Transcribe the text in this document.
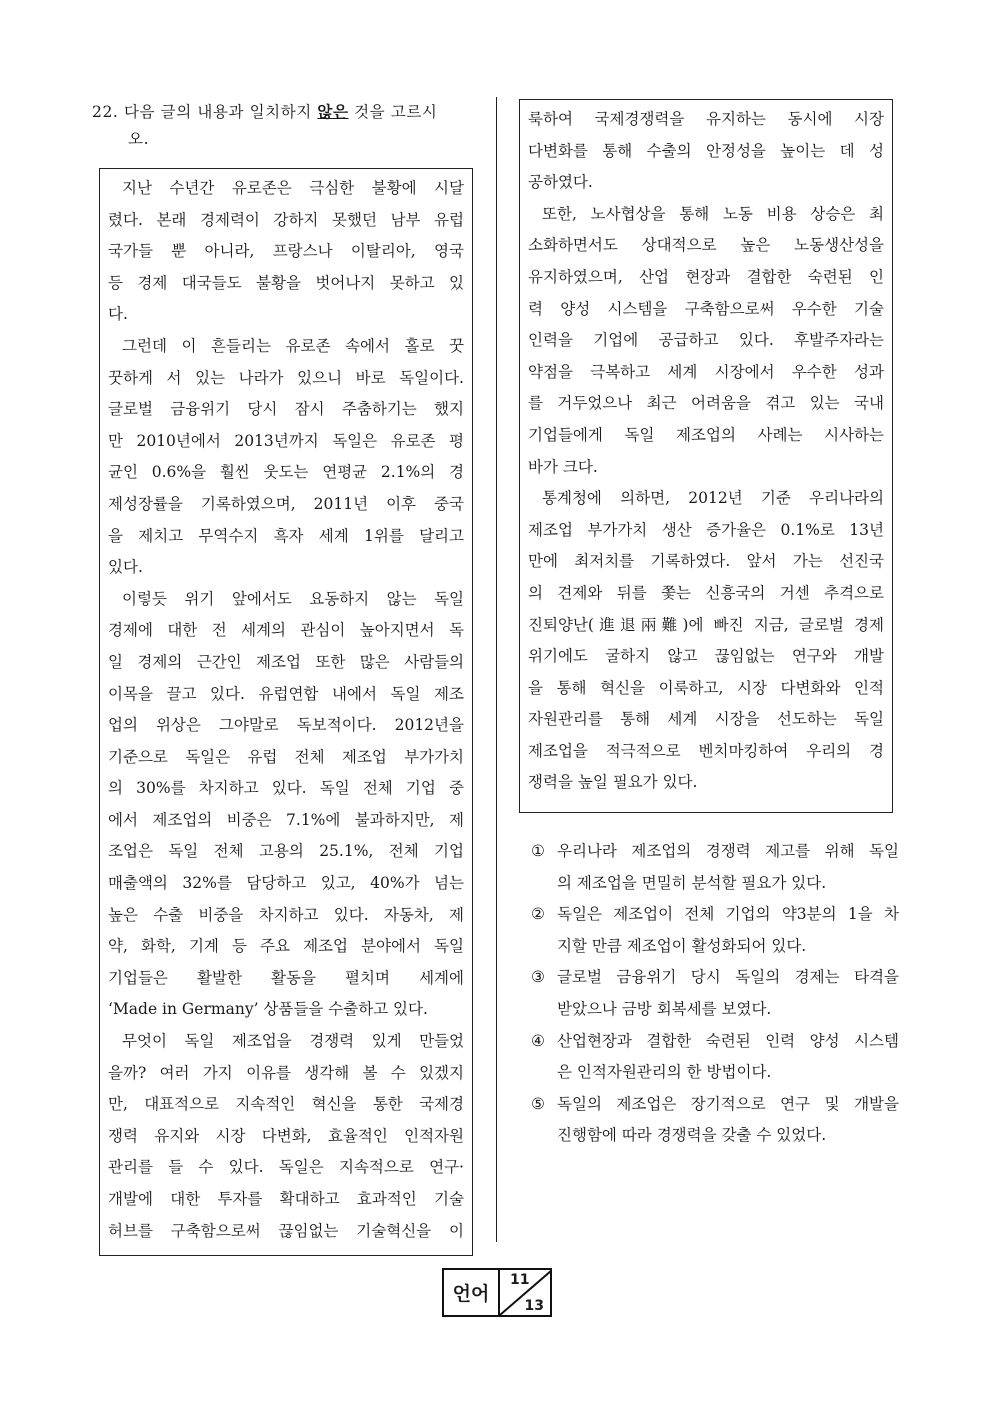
22. 다음 글의 내용과 일치하지 않은 것을 고르시
오.
지난 수년간 유로존은 극심한 불황에 시달
렸다. 본래 경제력이 강하지 못했던 남부 유럽
국가들 뿐 아니라, 프랑스나 이탈리아, 영국
등 경제 대국들도 불황을 벗어나지 못하고 있
다.
그런데 이 흔들리는 유로존 속에서 홀로 꿋
꿋하게 서 있는 나라가 있으니 바로 독일이다.
글로벌 금융위기 당시 잠시 주춤하기는 했지
만 2010년에서 2013년까지 독일은 유로존 평
균인 0.6%을 훨씬 웃도는 연평균 2.1%의 경
제성장률을 기록하였으며, 2011년 이후 중국
을 제치고 무역수지 흑자 세계 1위를 달리고
있다.
이렇듯 위기 앞에서도 요동하지 않는 독일
경제에 대한 전 세계의 관심이 높아지면서 독
일 경제의 근간인 제조업 또한 많은 사람들의
이목을 끌고 있다. 유럽연합 내에서 독일 제조
업의 위상은 그야말로 독보적이다. 2012년을
기준으로 독일은 유럽 전체 제조업 부가가치
의 30%를 차지하고 있다. 독일 전체 기업 중
에서 제조업의 비중은 7.1%에 불과하지만, 제
조업은 독일 전체 고용의 25.1%, 전체 기업
매출액의 32%를 담당하고 있고, 40%가 넘는
높은 수출 비중을 차지하고 있다. 자동차, 제
약, 화학, 기계 등 주요 제조업 분야에서 독일
기업들은 활발한 활동을 펼치며 세계에
‘Made in Germany’ 상품들을 수출하고 있다.
무엇이 독일 제조업을 경쟁력 있게 만들었
을까? 여러 가지 이유를 생각해 볼 수 있겠지
만, 대표적으로 지속적인 혁신을 통한 국제경
쟁력 유지와 시장 다변화, 효율적인 인적자원
관리를 들 수 있다. 독일은 지속적으로 연구·
개발에 대한 투자를 확대하고 효과적인 기술
허브를 구축함으로써 끊임없는 기술혁신을 이
룩하여 국제경쟁력을 유지하는 동시에 시장
다변화를 통해 수출의 안정성을 높이는 데 성
공하였다.
또한, 노사협상을 통해 노동 비용 상승은 최
소화하면서도 상대적으로 높은 노동생산성을
유지하였으며, 산업 현장과 결합한 숙련된 인
력 양성 시스템을 구축함으로써 우수한 기술
인력을 기업에 공급하고 있다. 후발주자라는
약점을 극복하고 세계 시장에서 우수한 성과
를 거두었으나 최근 어려움을 겪고 있는 국내
기업들에게 독일 제조업의 사례는 시사하는
바가 크다.
통계청에 의하면, 2012년 기준 우리나라의
제조업 부가가치 생산 증가율은 0.1%로 13년
만에 최저치를 기록하였다. 앞서 가는 선진국
의 견제와 뒤를 쫓는 신흥국의 거센 추격으로
진퇴양난(進退兩難)에 빠진 지금, 글로벌 경제
위기에도 굴하지 않고 끊임없는 연구와 개발
을 통해 혁신을 이룩하고, 시장 다변화와 인적
자원관리를 통해 세계 시장을 선도하는 독일
제조업을 적극적으로 벤치마킹하여 우리의 경
쟁력을 높일 필요가 있다.
① 우리나라 제조업의 경쟁력 제고를 위해 독일
의 제조업을 면밀히 분석할 필요가 있다.
② 독일은 제조업이 전체 기업의 약3분의 1을 차
지할 만큼 제조업이 활성화되어 있다.
③ 글로벌 금융위기 당시 독일의 경제는 타격을
받았으나 금방 회복세를 보였다.
④ 산업현장과 결합한 숙련된 인력 양성 시스템
은 인적자원관리의 한 방법이다.
⑤ 독일의 제조업은 장기적으로 연구 및 개발을
진행함에 따라 경쟁력을 갖출 수 있었다.
언어
11
13
